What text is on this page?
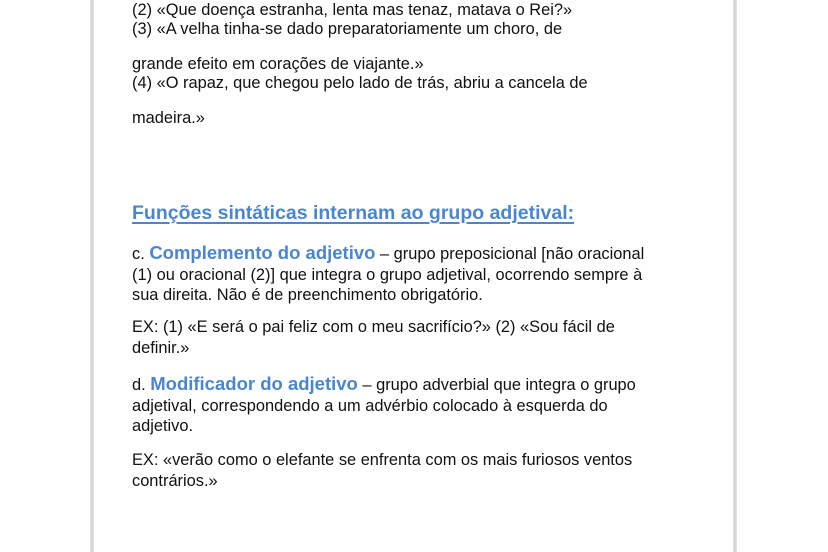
(2) «Que doença estranha, lenta mas tenaz, matava o Rei?»

(3) «A velha tinha-se dado preparatoriamente um choro, de

grande efeito em corações de viajante.»

(4) «O rapaz, que chegou pelo lado de trás, abriu a cancela de

madeira.»

Funções sintáticas internam ao grupo adjetival:
c. Complemento do adjetivo – grupo preposicional [não oracional
(1) ou oracional (2)] que integra o grupo adjetival, ocorrendo sempre à
sua direita. Não é de preenchimento obrigatório.
EX: (1) «E será o pai feliz com o meu sacrifício?» (2) «Sou fácil de
definir.»
d. Modificador do adjetivo – grupo adverbial que integra o grupo
adjetival, correspondendo a um advérbio colocado à esquerda do
adjetivo.
EX: «verão como o elefante se enfrenta com os mais furiosos ventos
contrários.»
